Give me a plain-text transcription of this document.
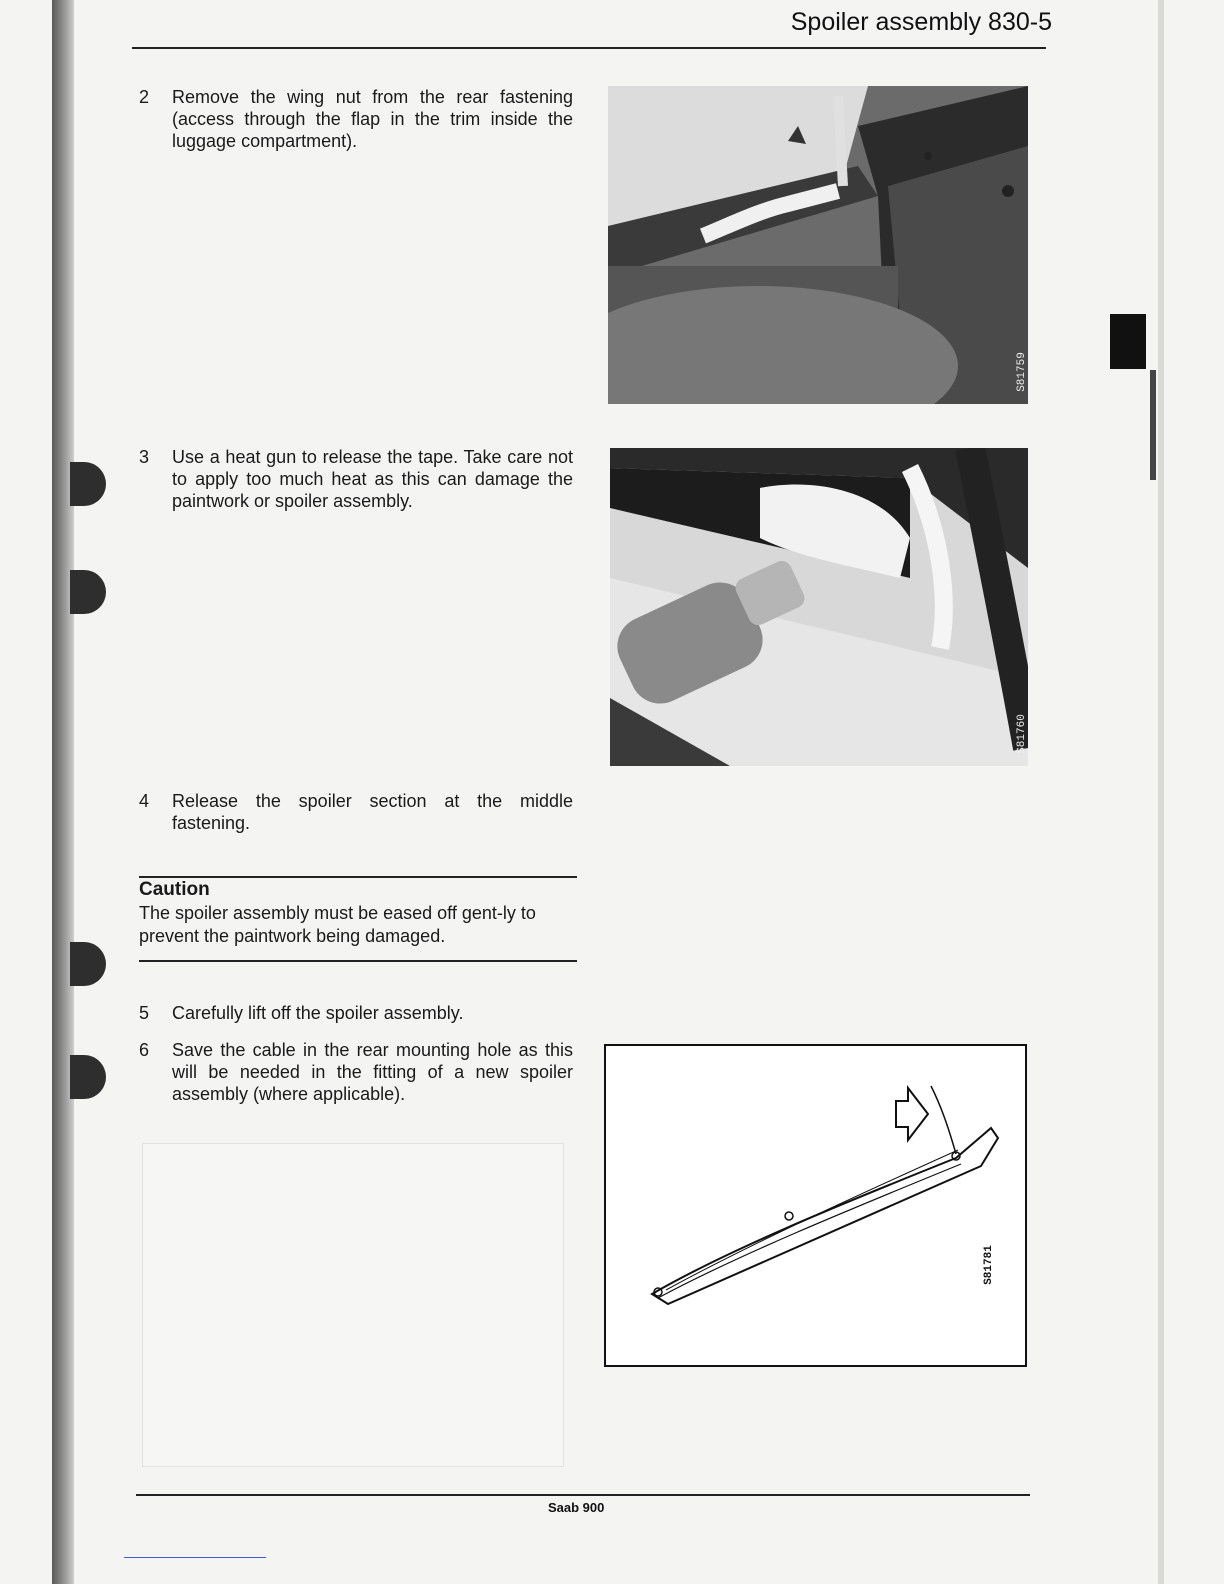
Spoiler assembly 830-5
2 Remove the wing nut from the rear fastening (access through the flap in the trim inside the luggage compartment).
3 Use a heat gun to release the tape. Take care not to apply too much heat as this can damage the paintwork or spoiler assembly.
4 Release the spoiler section at the middle fastening.
Caution
The spoiler assembly must be eased off gent-ly to prevent the paintwork being damaged.
5 Carefully lift off the spoiler assembly.
6 Save the cable in the rear mounting hole as this will be needed in the fitting of a new spoiler assembly (where applicable).
S81759
S81760
S81781
Saab 900
